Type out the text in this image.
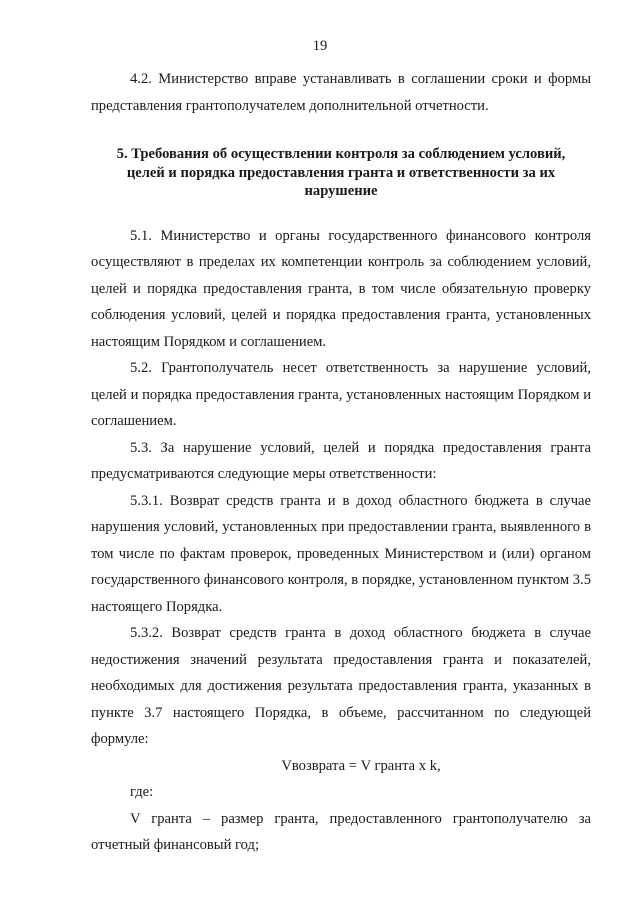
19

4.2. Министерство вправе устанавливать в соглашении сроки и формы представления грантополучателем дополнительной отчетности.

5. Требования об осуществлении контроля за соблюдением условий, целей и порядка предоставления гранта и ответственности за их нарушение

5.1. Министерство и органы государственного финансового контроля осуществляют в пределах их компетенции контроль за соблюдением условий, целей и порядка предоставления гранта, в том числе обязательную проверку соблюдения условий, целей и порядка предоставления гранта, установленных настоящим Порядком и соглашением.

5.2. Грантополучатель несет ответственность за нарушение условий, целей и порядка предоставления гранта, установленных настоящим Порядком и соглашением.

5.3. За нарушение условий, целей и порядка предоставления гранта предусматриваются следующие меры ответственности:

5.3.1. Возврат средств гранта и в доход областного бюджета в случае нарушения условий, установленных при предоставлении гранта, выявленного в том числе по фактам проверок, проведенных Министерством и (или) органом государственного финансового контроля, в порядке, установленном пунктом 3.5 настоящего Порядка.

5.3.2. Возврат средств гранта в доход областного бюджета в случае недостижения значений результата предоставления гранта и показателей, необходимых для достижения результата предоставления гранта, указанных в пункте 3.7 настоящего Порядка, в объеме, рассчитанном по следующей формуле:

Vвозврата = V гранта x k,

где:

V гранта – размер гранта, предоставленного грантополучателю за отчетный финансовый год;
